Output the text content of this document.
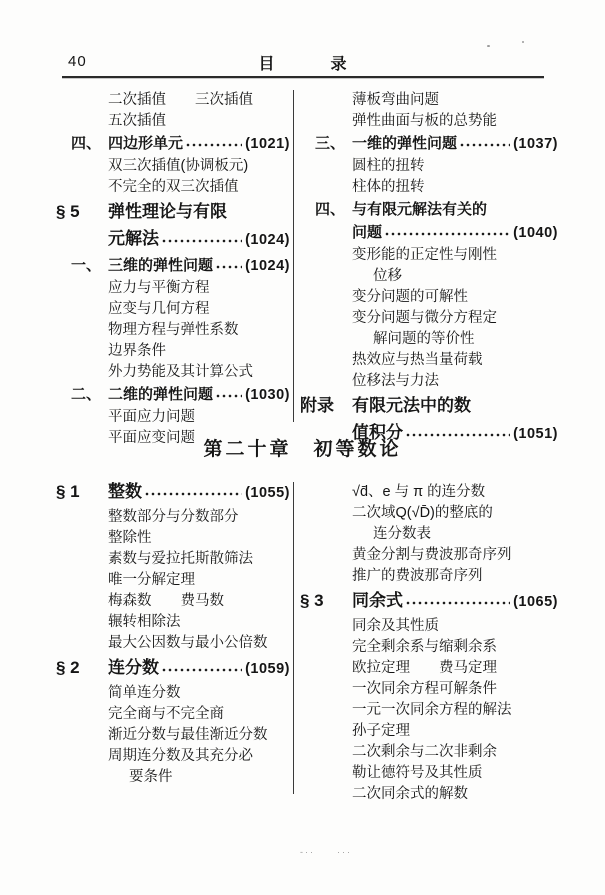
40	目　录
二次插值　　三次插值
五次插值
四、 四边形单元	(1021)
双三次插值(协调板元)
不完全的双三次插值
§ 5	弹性理论与有限
元解法	(1024)
一、 三维的弹性问题 (1024)
应力与平衡方程
应变与几何方程
物理方程与弹性系数
边界条件
外力势能及其计算公式
二、 二维的弹性问题 (1030)
平面应力问题
平面应变问题
薄板弯曲问题
弹性曲面与板的总势能
三、 一维的弹性问题	(1037)
圆柱的扭转
柱体的扭转
四、 与有限元解法有关的
问题	(1040)
变形能的正定性与刚性
位移
变分问题的可解性
变分问题与微分方程定
解问题的等价性
热效应与热当量荷载
位移法与力法
附录	有限元法中的数
值积分	(1051)
第二十章　初等数论
§ 1	整数	(1055)
整数部分与分数部分
整除性
素数与爱拉托斯散筛法
唯一分解定理
梅森数　　费马数
辗转相除法
最大公因数与最小公倍数
§ 2	连分数	(1059)
简单连分数
完全商与不完全商
渐近分数与最佳渐近分数
周期连分数及其充分必
要条件
√d̄、e 与 π 的连分数
二次域Q(√D̄)的整底的
连分数表
黄金分割与费波那奇序列
推广的费波那奇序列
§ 3	同余式	(1065)
同余及其性质
完全剩余系与缩剩余系
欧拉定理　　费马定理
一次同余方程可解条件
一元一次同余方程的解法
孙子定理
二次剩余与二次非剩余
勒让德符号及其性质
二次同余式的解数
-··　　···
